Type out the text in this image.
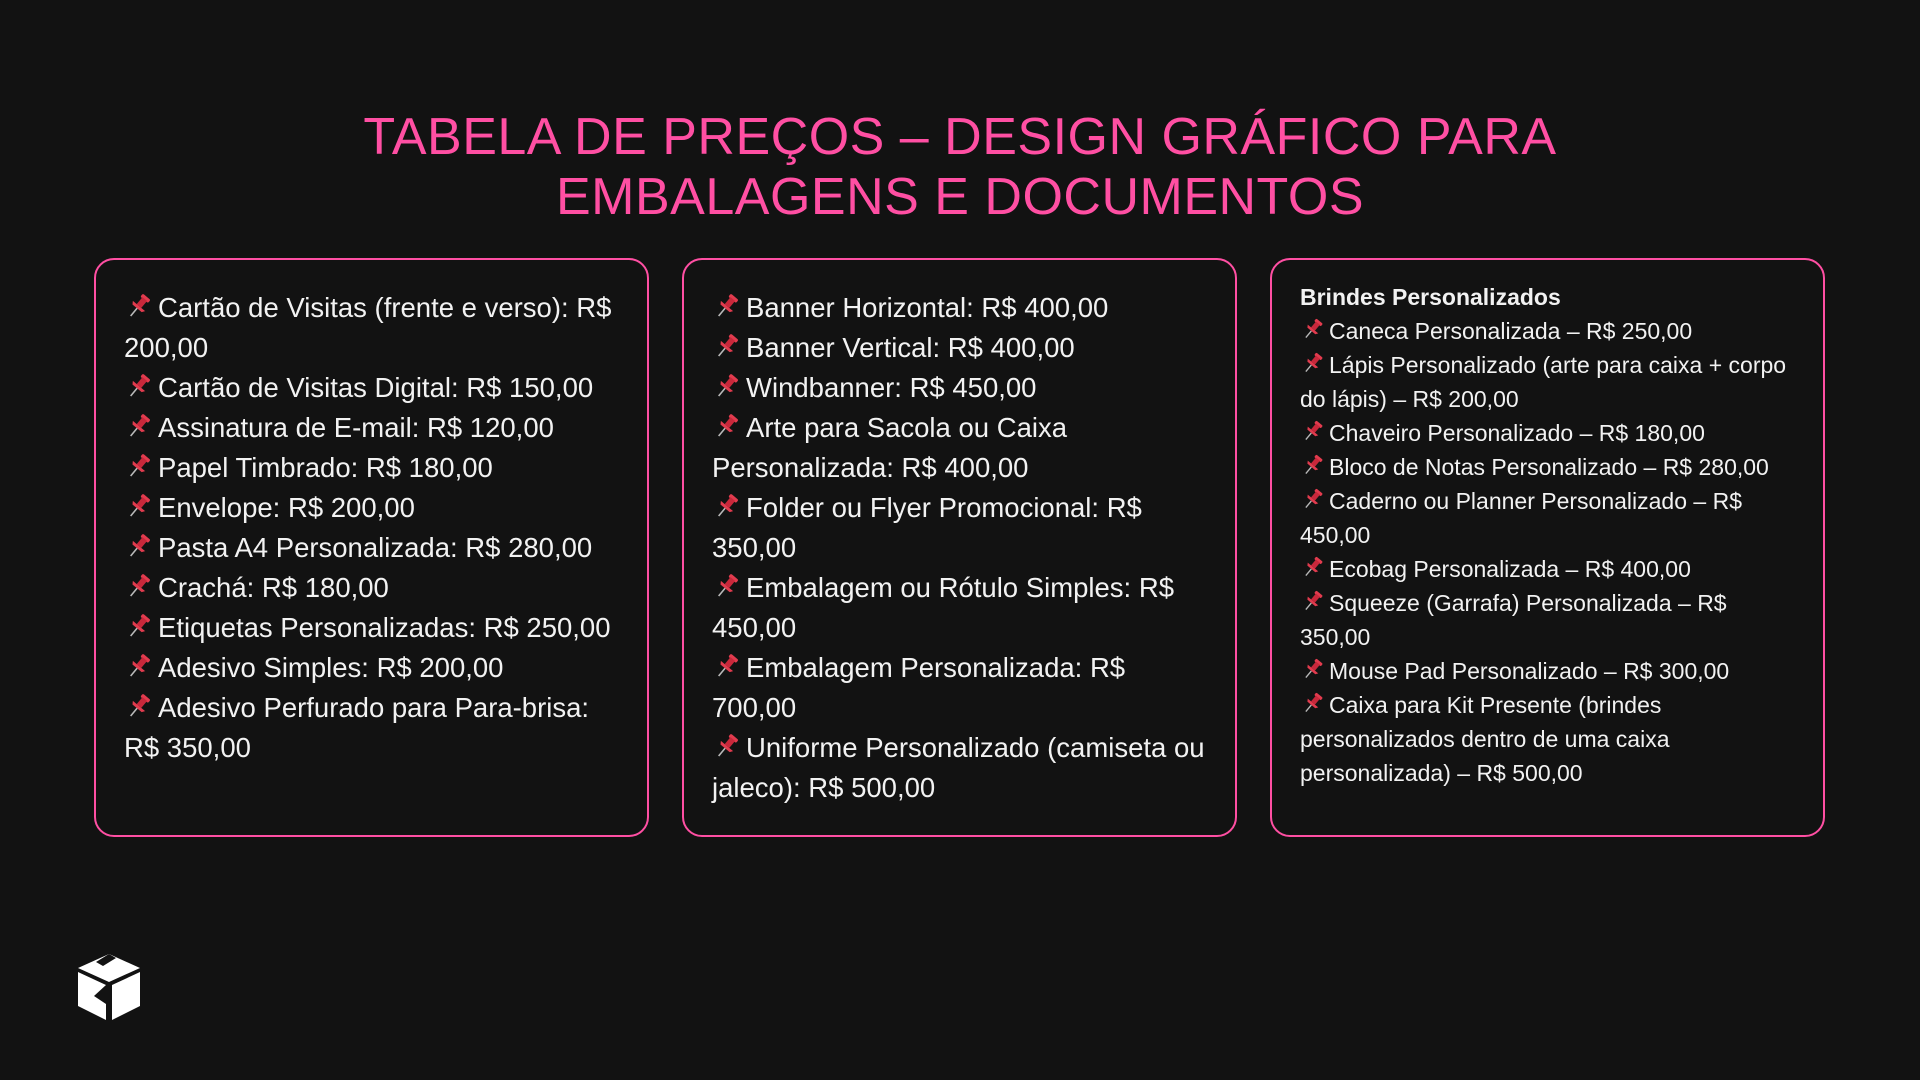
TABELA DE PREÇOS – DESIGN GRÁFICO PARA
EMBALAGENS E DOCUMENTOS
Cartão de Visitas (frente e verso): R$ 200,00
Cartão de Visitas Digital: R$ 150,00
Assinatura de E-mail: R$ 120,00
Papel Timbrado: R$ 180,00
Envelope: R$ 200,00
Pasta A4 Personalizada: R$ 280,00
Crachá: R$ 180,00
Etiquetas Personalizadas: R$ 250,00
Adesivo Simples: R$ 200,00
Adesivo Perfurado para Para-brisa: R$ 350,00
Banner Horizontal: R$ 400,00
Banner Vertical: R$ 400,00
Windbanner: R$ 450,00
Arte para Sacola ou Caixa Personalizada: R$ 400,00
Folder ou Flyer Promocional: R$ 350,00
Embalagem ou Rótulo Simples: R$ 450,00
Embalagem Personalizada: R$ 700,00
Uniforme Personalizado (camiseta ou jaleco): R$ 500,00

Brindes Personalizados

Caneca Personalizada – R$ 250,00
Lápis Personalizado (arte para caixa + corpo do lápis) – R$ 200,00
Chaveiro Personalizado – R$ 180,00
Bloco de Notas Personalizado – R$ 280,00
Caderno ou Planner Personalizado – R$ 450,00
Ecobag Personalizada – R$ 400,00
Squeeze (Garrafa) Personalizada – R$ 350,00
Mouse Pad Personalizado – R$ 300,00
Caixa para Kit Presente (brindes personalizados dentro de uma caixa personalizada) – R$ 500,00
